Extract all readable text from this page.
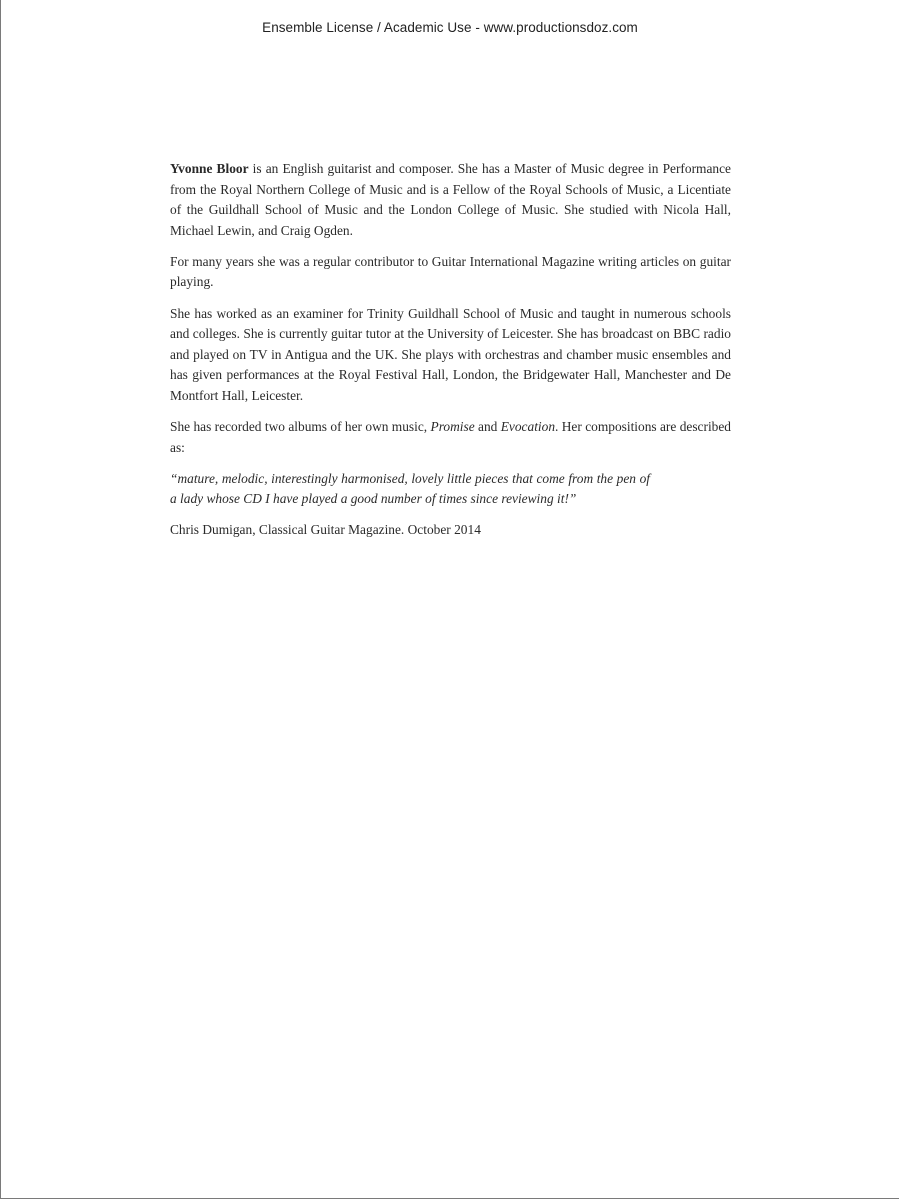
Ensemble License / Academic Use - www.productionsdoz.com

Yvonne Bloor is an English guitarist and composer. She has a Master of Music degree in Performance from the Royal Northern College of Music and is a Fellow of the Royal Schools of Music, a Licentiate of the Guildhall School of Music and the London College of Music. She studied with Nicola Hall, Michael Lewin, and Craig Ogden.

For many years she was a regular contributor to Guitar International Magazine writing articles on guitar playing.

She has worked as an examiner for Trinity Guildhall School of Music and taught in numerous schools and colleges. She is currently guitar tutor at the University of Leicester. She has broadcast on BBC radio and played on TV in Antigua and the UK. She plays with orchestras and chamber music ensembles and has given performances at the Royal Festival Hall, London, the Bridgewater Hall, Manchester and De Montfort Hall, Leicester.

She has recorded two albums of her own music, Promise and Evocation. Her compositions are described as:

“mature, melodic, interestingly harmonised, lovely little pieces that come from the pen of a lady whose CD I have played a good number of times since reviewing it!”

Chris Dumigan, Classical Guitar Magazine. October 2014
